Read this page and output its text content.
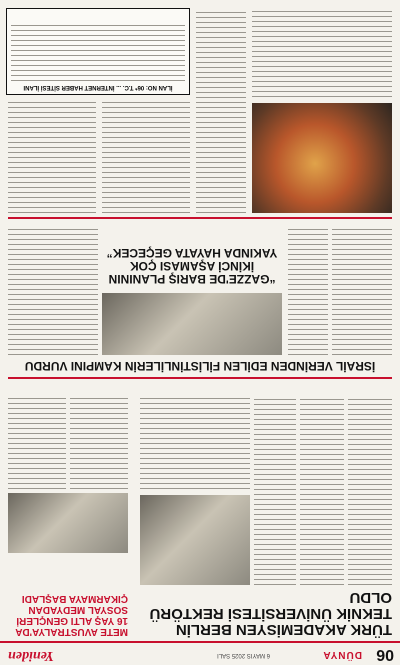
06
DÜNYA
6 MAYIS 2025 SALI
Yeniden
TÜRK AKADEMİSYEN BERLİN TEKNİK ÜNİVERSİTESİ REKTÖRÜ OLDU
METE AVUSTRALYA'DA 16 YAŞ ALTI GENÇLERİ SOSYAL MEDYADAN ÇIKARMAYA BAŞLADI
İSRAİL VERİNDEN EDİLEN FİLİSTİNLİLERİN KAMPINI VURDU
“GAZZE'DE BARIŞ PLANININ İKİNCİ AŞAMASI ÇOK YAKINDA HAYATA GEÇECEK”
İLAN NO: 06* T.C. ... İNTERNET HABER SİTESİ İLANI
